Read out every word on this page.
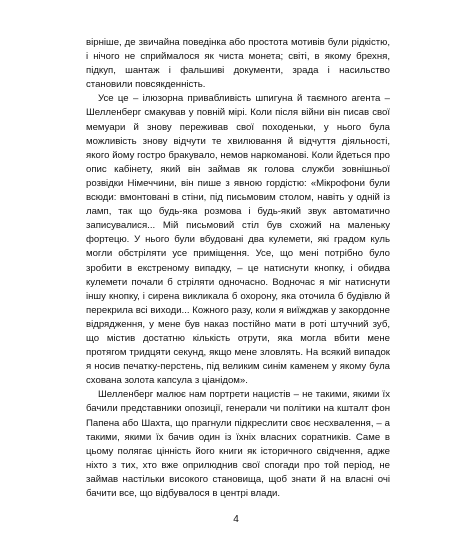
вірніше, де звичайна поведінка або простота мотивів були рідкістю, і нічого не сприймалося як чиста монета; світі, в якому брехня, підкуп, шантаж і фальшиві документи, зрада і насильство становили повсякденність.

Усе це – ілюзорна привабливість шпигуна й таємного агента – Шелленберг смакував у повній мірі. Коли після війни він писав свої мемуари й знову переживав свої походеньки, у нього була можливість знову відчути те хвилювання й відчуття діяльності, якого йому гостро бракувало, немов наркоманові. Коли йдеться про опис кабінету, який він займав як голова служби зовнішньої розвідки Німеччини, він пише з явною гордістю: «Мікрофони були всюди: вмонтовані в стіни, під письмовим столом, навіть у одній із ламп, так що будь-яка розмова і будь-який звук автоматично записувалися... Мій письмовий стіл був схожий на маленьку фортецю. У нього були вбудовані два кулемети, які градом куль могли обстріляти усе приміщення. Усе, що мені потрібно було зробити в екстреному випадку, – це натиснути кнопку, і обидва кулемети почали б стріляти одночасно. Водночас я міг натиснути іншу кнопку, і сирена викликала б охорону, яка оточила б будівлю й перекрила всі виходи... Кожного разу, коли я виїжджав у закордонне відрядження, у мене був наказ постійно мати в роті штучний зуб, що містив достатню кількість отрути, яка могла вбити мене протягом тридцяти секунд, якщо мене зловлять. На всякий випадок я носив печатку-перстень, під великим синім каменем у якому була схована золота капсула з ціанідом».

Шелленберг малює нам портрети нацистів – не такими, якими їх бачили представники опозиції, генерали чи політики на кшталт фон Папена або Шахта, що прагнули підкреслити своє несхвалення, – а такими, якими їх бачив один із їхніх власних соратників. Саме в цьому полягає цінність його книги як історичного свідчення, адже ніхто з тих, хто вже оприлюднив свої спогади про той період, не займав настільки високого становища, щоб знати й на власні очі бачити все, що відбувалося в центрі влади.

4
